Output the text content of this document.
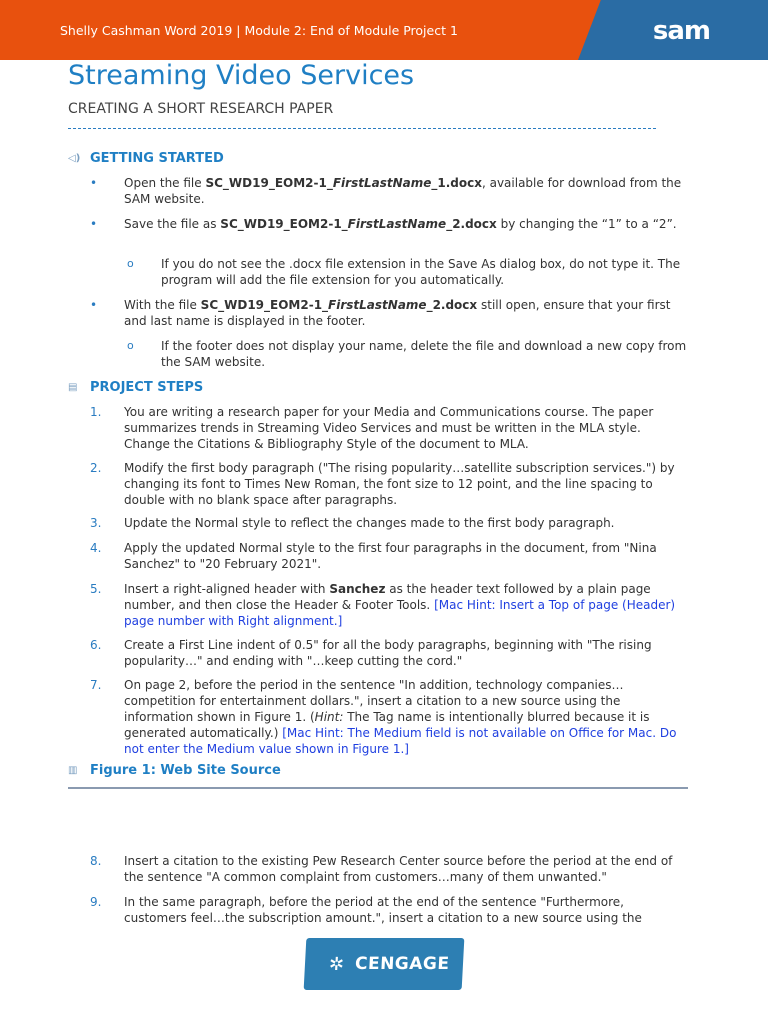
Shelly Cashman Word 2019 | Module 2: End of Module Project 1	sam
Streaming Video Services
CREATING A SHORT RESEARCH PAPER
◁) GETTING STARTED
•	Open the file SC_WD19_EOM2-1_FirstLastName_1.docx, available for download from the SAM website.
•	Save the file as SC_WD19_EOM2-1_FirstLastName_2.docx by changing the “1” to a “2”.
o	If you do not see the .docx file extension in the Save As dialog box, do not type it. The program will add the file extension for you automatically.
•	With the file SC_WD19_EOM2-1_FirstLastName_2.docx still open, ensure that your first and last name is displayed in the footer.
o	If the footer does not display your name, delete the file and download a new copy from the SAM website.
▤ PROJECT STEPS
1.	You are writing a research paper for your Media and Communications course. The paper summarizes trends in Streaming Video Services and must be written in the MLA style. Change the Citations & Bibliography Style of the document to MLA.
2.	Modify the first body paragraph ("The rising popularity…satellite subscription services.") by changing its font to Times New Roman, the font size to 12 point, and the line spacing to double with no blank space after paragraphs.
3.	Update the Normal style to reflect the changes made to the first body paragraph.
4.	Apply the updated Normal style to the first four paragraphs in the document, from "Nina Sanchez" to "20 February 2021".
5.	Insert a right-aligned header with Sanchez as the header text followed by a plain page number, and then close the Header & Footer Tools. [Mac Hint: Insert a Top of page (Header) page number with Right alignment.]
6.	Create a First Line indent of 0.5" for all the body paragraphs, beginning with "The rising popularity…" and ending with "…keep cutting the cord."
7.	On page 2, before the period in the sentence "In addition, technology companies… competition for entertainment dollars.", insert a citation to a new source using the information shown in Figure 1. (Hint: The Tag name is intentionally blurred because it is generated automatically.) [Mac Hint: The Medium field is not available on Office for Mac. Do not enter the Medium value shown in Figure 1.]
▥ Figure 1: Web Site Source
8.	Insert a citation to the existing Pew Research Center source before the period at the end of the sentence "A common complaint from customers…many of them unwanted."
9.	In the same paragraph, before the period at the end of the sentence "Furthermore, customers feel…the subscription amount.", insert a citation to a new source using the
✲ CENGAGE
